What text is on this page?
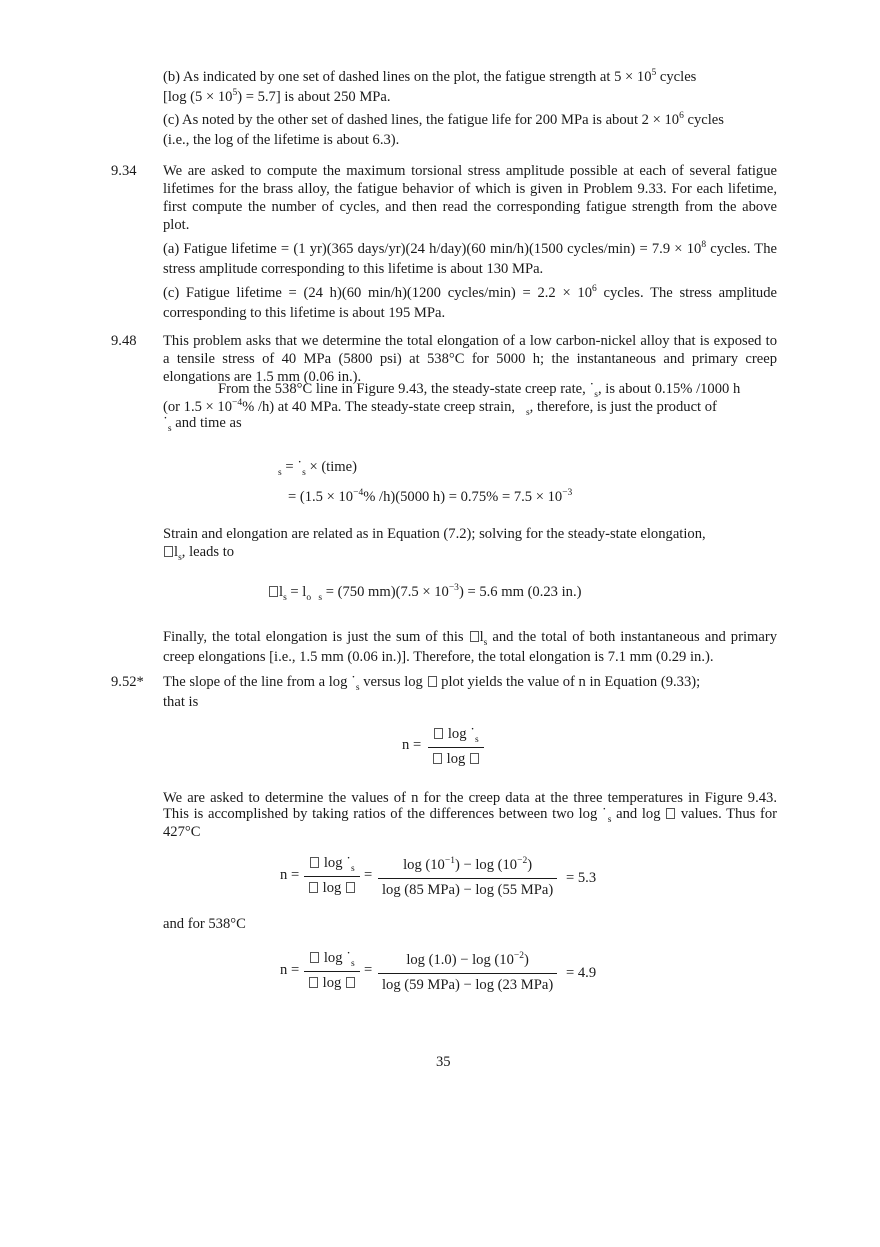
(b) As indicated by one set of dashed lines on the plot, the fatigue strength at $5 \times 10^5$ cycles
[log $(5 \times 10^5) = 5.7$] is about 250 MPa.
(c) As noted by the other set of dashed lines, the fatigue life for 200 MPa is about $2 \times 10^6$ cycles
(i.e., the log of the lifetime is about 6.3).
9.34 We are asked to compute the maximum torsional stress amplitude possible at each of several fatigue lifetimes for the brass alloy, the fatigue behavior of which is given in Problem 9.33. For each lifetime, first compute the number of cycles, and then read the corresponding fatigue strength from the above plot.
(a) Fatigue lifetime = (1 yr)(365 days/yr)(24 h/day)(60 min/h)(1500 cycles/min) = $7.9 \times 10^8$ cycles. The stress amplitude corresponding to this lifetime is about 130 MPa.
(c) Fatigue lifetime = (24 h)(60 min/h)(1200 cycles/min) = $2.2 \times 10^6$ cycles. The stress amplitude corresponding to this lifetime is about 195 MPa.
9.48 This problem asks that we determine the total elongation of a low carbon-nickel alloy that is exposed to a tensile stress of 40 MPa (5800 psi) at 538°C for 5000 h; the instantaneous and primary creep elongations are 1.5 mm (0.06 in.).
From the 538°C line in Figure 9.43, the steady-state creep rate, $˙_s$, is about 0.15% /1000 h
(or $1.5 \times 10^{-4}\%$ /h) at 40 MPa. The steady-state creep strain, $_s$, therefore, is just the product of
$˙_s$ and time as
$_s = ˙_s$ × (time)
= ($1.5 \times 10^{-4}\%$ /h)(5000 $h) = 0.75\% = 7.5 \times 10^{-3}$
Strain and elongation are related as in Equation (7.2); solving for the steady-state elongation,
$l_s$, leads to
$l_s = l_o$ $_s$ = (750 $mm)(7.5 \times 10^{-3}) = 5.6$ mm (0.23 in.)
Finally, the total elongation is just the sum of this $l_s$ and the total of both instantaneous and primary creep elongations [i.e., 1.5 mm (0.06 in.)]. Therefore, the total elongation is 7.1 mm (0.29 in.).
9.52* The slope of the line from a $\log ˙_s$ versus log  plot yields the value of n in Equation (9.33);
that is
$n = \frac{\log ˙_s}{\log}$
We are asked to determine the values of n for the creep data at the three temperatures in Figure 9.43. This is accomplished by taking ratios of the differences between two $\log ˙_s$ and log values. Thus for 427°C
$n = \frac{\log ˙_s}{\log}$ =
$\log (10^{-1}) - \log (10^{-2})$
log (85 MPa) − log (55 MPa)
= 5.3
and for 538°C
$n = \frac{\log ˙_s}{\log}$ =
$\log (1.0) - \log (10^{-2})$
log (59 MPa) − log (23 MPa)
= 4.9
35
